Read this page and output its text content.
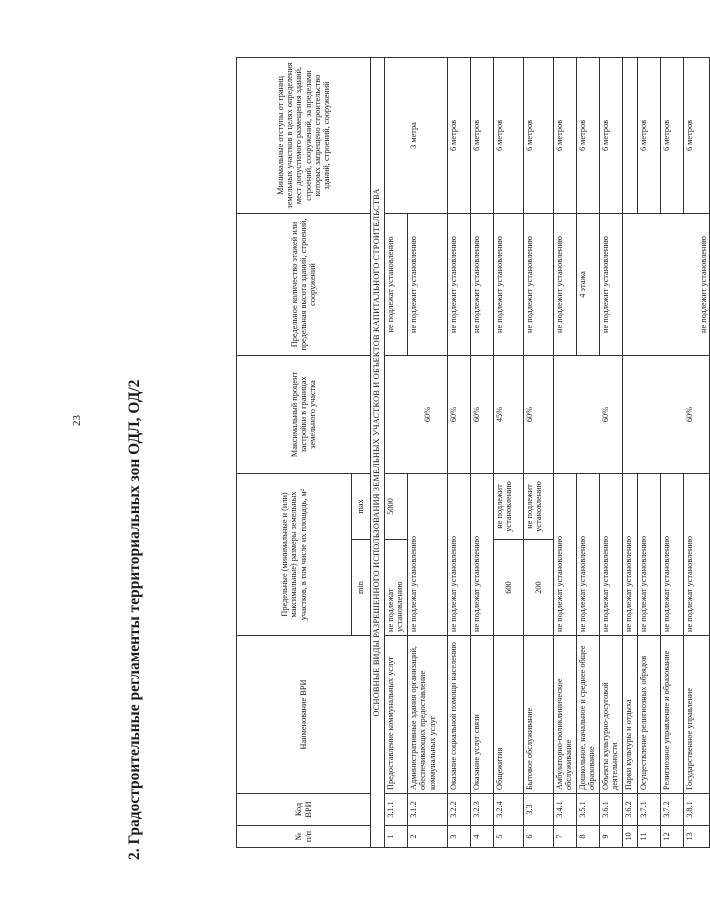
23	2. Градостроительные регламенты территориальных зон ОДЛ, ОД/2	№ п/п	Код ВРИ	Наименование ВРИ	Предельные (минимальные и (или) максимальные) размеры земельных участков, в том числе их площадь, м²		Максимальный процент застройки в границах земельного участка	Предельное количество этажей или предельная высота зданий, строений, сооружений	Минимальные отступы от границ земельных участков в целях определения мест допустимого размещения зданий, строений, сооружений, за пределами которых запрещено строительство зданий, строений, сооружений
			min	max			
ОСНОВНЫЕ ВИДЫ РАЗРЕШЕННОГО ИСПОЛЬЗОВАНИЯ ЗЕМЕЛЬНЫХ УЧАСТКОВ И ОБЪЕКТОВ КАПИТАЛЬНОГО СТРОИТЕЛЬСТВА							
1	3.1.1	Предоставление коммунальных услуг	не подлежат установлению	5000		не подлежат установлению	
2	3.1.2	Административные здания организаций, обеспечивающих предоставление коммунальных услуг	не подлежат установлению		60%	не подлежит установлению	3 метра
3	3.2.2	Оказание социальной помощи населению	не подлежат установлению		60%	не подлежит установлению	6 метров
4	3.2.3	Оказание услуг связи	не подлежат установлению		60%	не подлежит установлению	6 метров
5	3.2.4	Общежития	600	не подлежит установлению	45%	не подлежит установлению	6 метров
6	3.3	Бытовое обслуживание	200	не подлежит установлению	60%	не подлежит установлению	6 метров
7	3.4.1	Амбулаторно-поликлиническое обслуживание	не подлежат установлению			не подлежит установлению	6 метров
8	3.5.1	Дошкольное, начальное и среднее общее образование	не подлежат установлению			4 этажа	6 метров
9	3.6.1	Объекты культурно-досуговой деятельности	не подлежат установлению		60%	не подлежит установлению	6 метров
10	3.6.2	Парки культуры и отдыха	не подлежат установлению				
11	3.7.1	Осуществление религиозных обрядов	не подлежат установлению				6 метров
12	3.7.2	Религиозное управление и образование	не подлежат установлению				6 метров
13	3.8.1	Государственное управление	не подлежат установлению		60%	не подлежит установлению	6 метров
